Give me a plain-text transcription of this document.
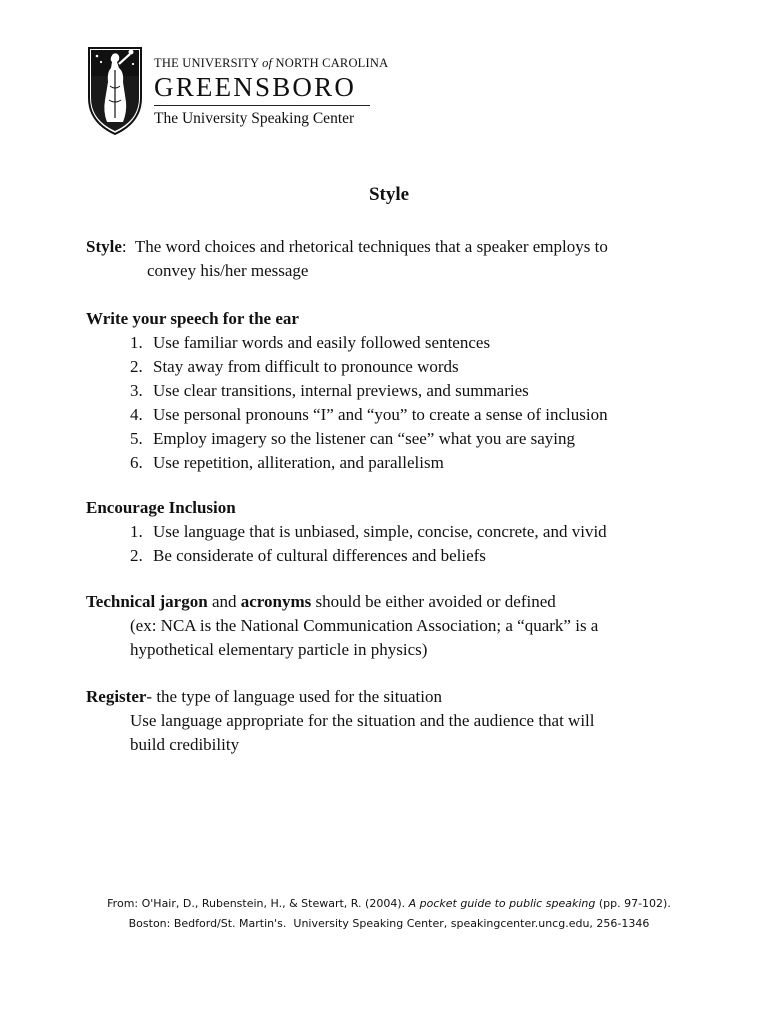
THE UNIVERSITY of NORTH CAROLINA
GREENSBORO
The University Speaking Center
Style
Style:  The word choices and rhetorical techniques that a speaker employs to
convey his/her message
Write your speech for the ear
1. Use familiar words and easily followed sentences
2. Stay away from difficult to pronounce words
3. Use clear transitions, internal previews, and summaries
4. Use personal pronouns “I” and “you” to create a sense of inclusion
5. Employ imagery so the listener can “see” what you are saying
6. Use repetition, alliteration, and parallelism
Encourage Inclusion
1. Use language that is unbiased, simple, concise, concrete, and vivid
2. Be considerate of cultural differences and beliefs
Technical jargon and acronyms should be either avoided or defined
(ex: NCA is the National Communication Association; a “quark” is a
hypothetical elementary particle in physics)
Register- the type of language used for the situation
Use language appropriate for the situation and the audience that will
build credibility
From: O'Hair, D., Rubenstein, H., & Stewart, R. (2004). A pocket guide to public speaking (pp. 97-102).
Boston: Bedford/St. Martin's.  University Speaking Center, speakingcenter.uncg.edu, 256-1346
